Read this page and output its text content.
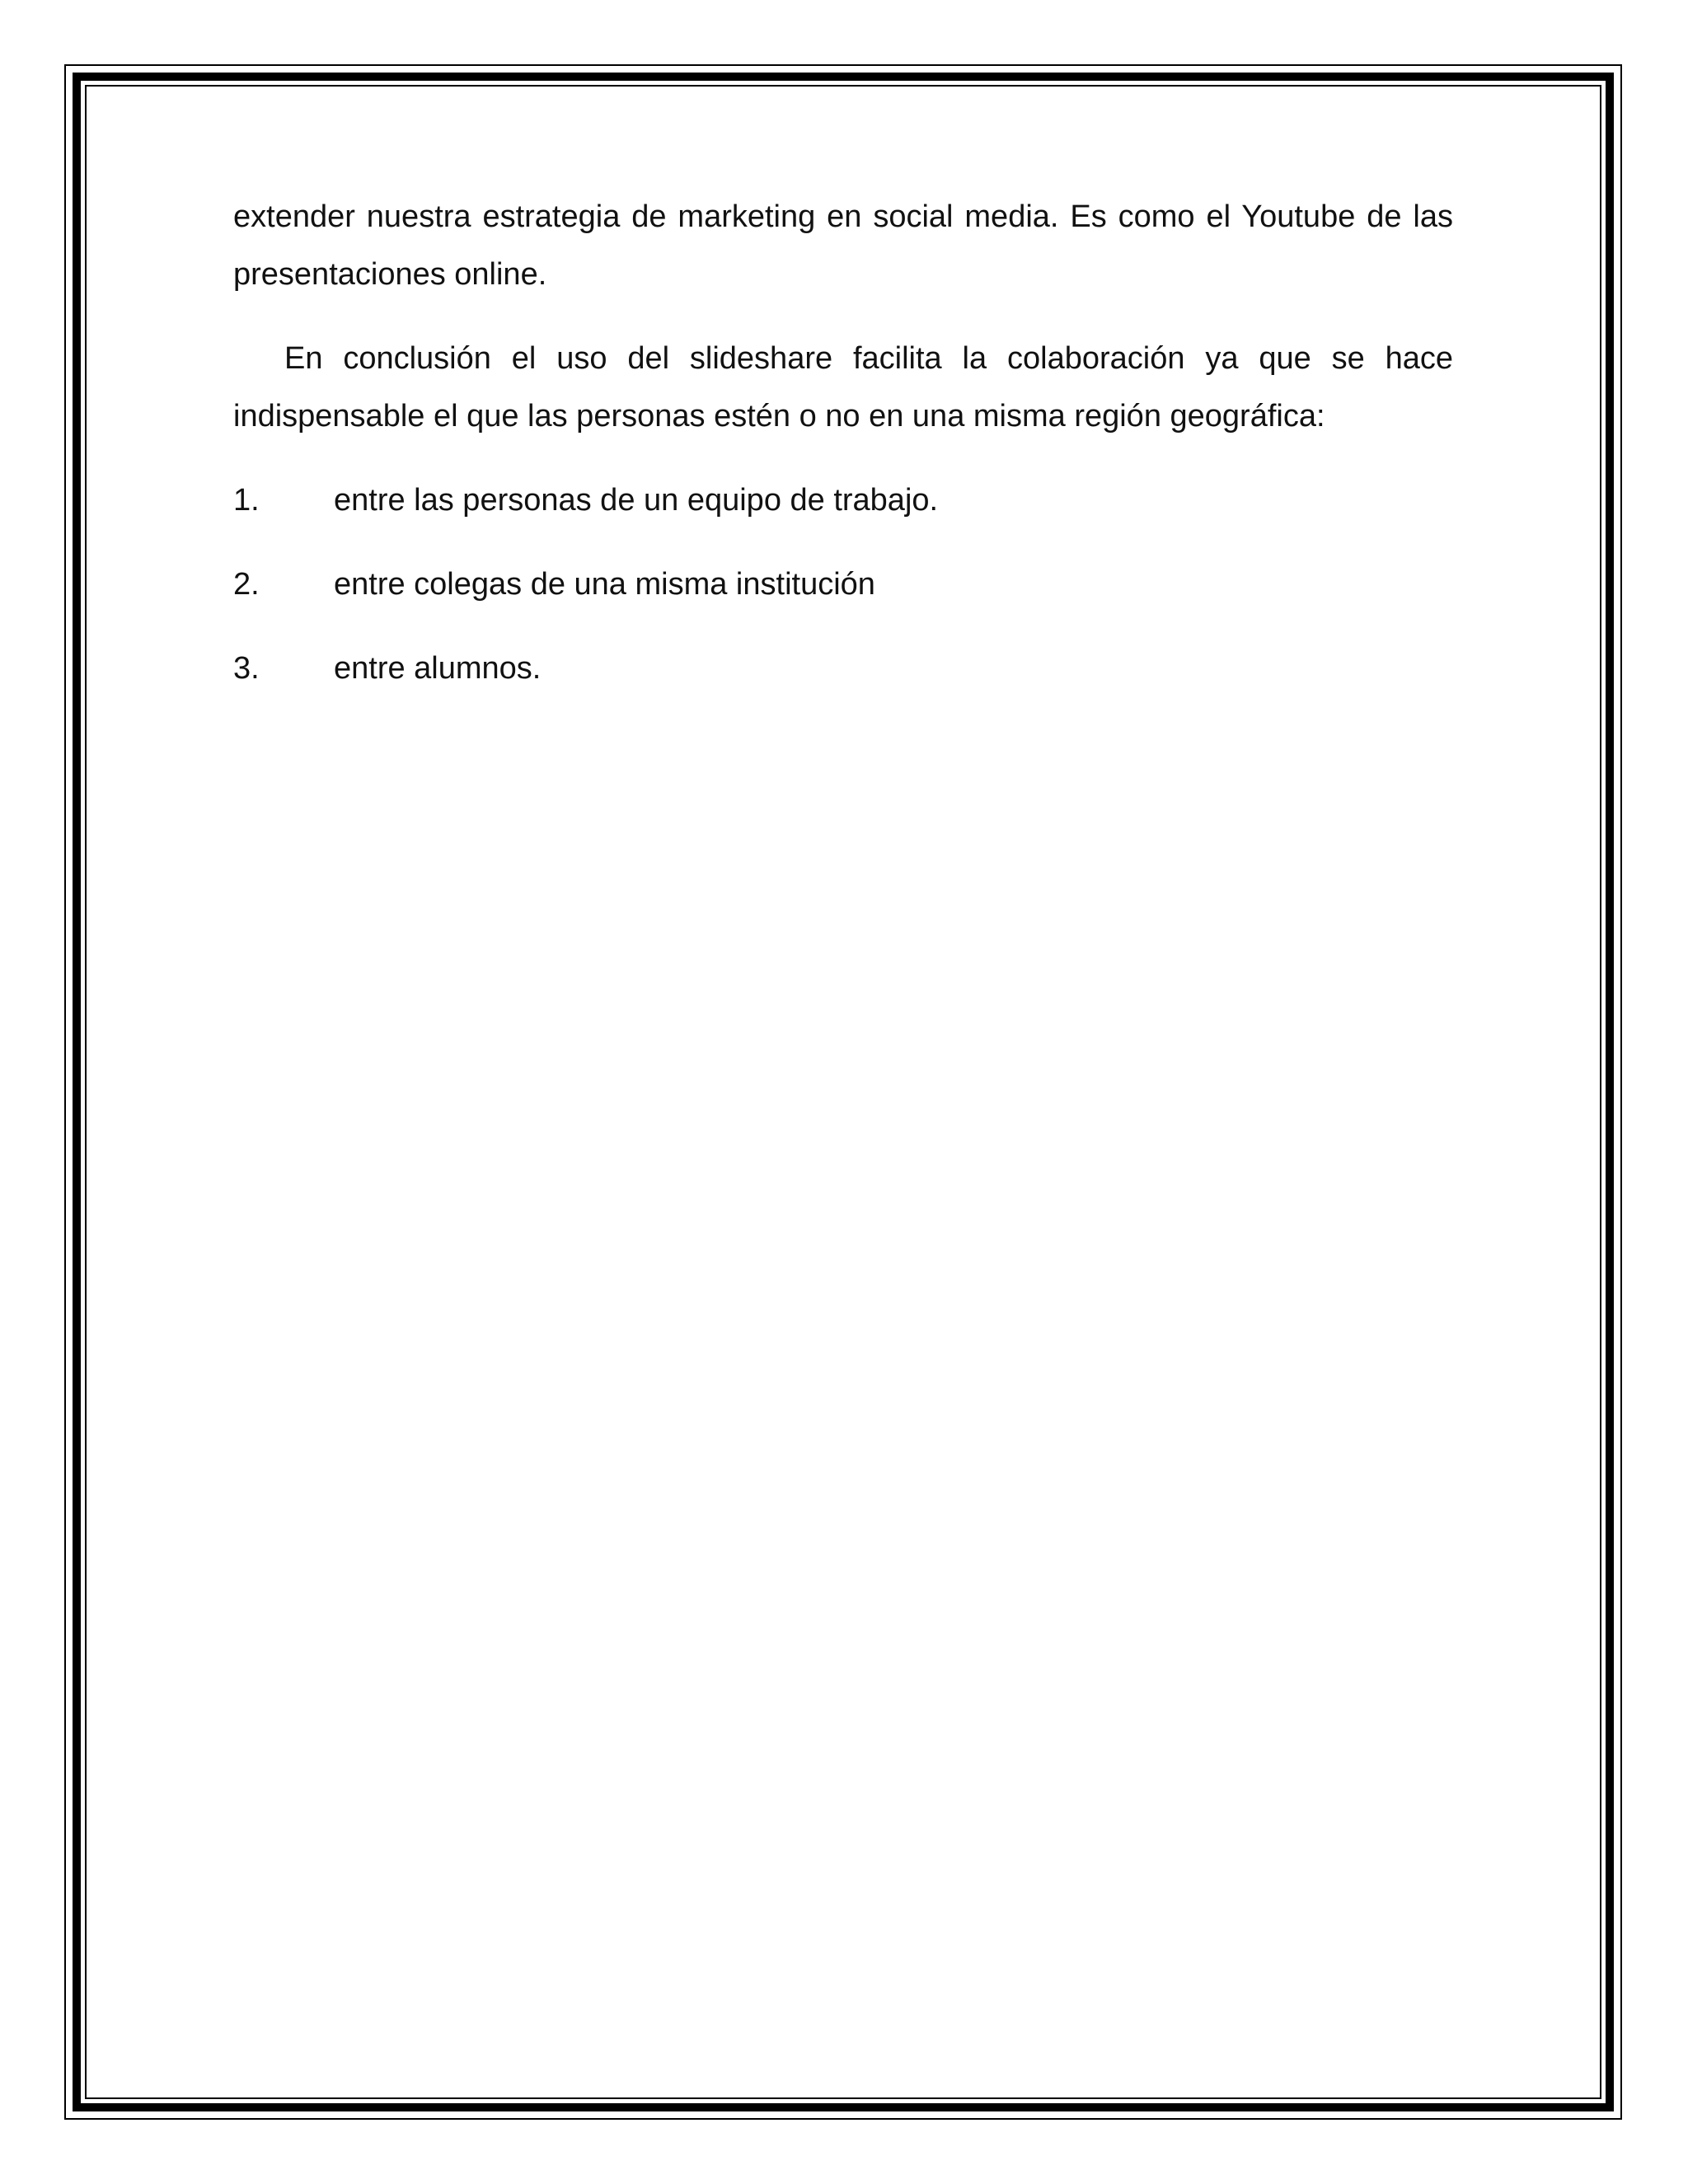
extender nuestra estrategia de marketing en social media. Es como el Youtube de las presentaciones online.

En conclusión el uso del slideshare facilita la colaboración ya que se hace indispensable el que las personas estén o no en una misma región geográfica:

1.	entre las personas de un equipo de trabajo.
2.	entre colegas de una misma institución
3.	entre alumnos.
